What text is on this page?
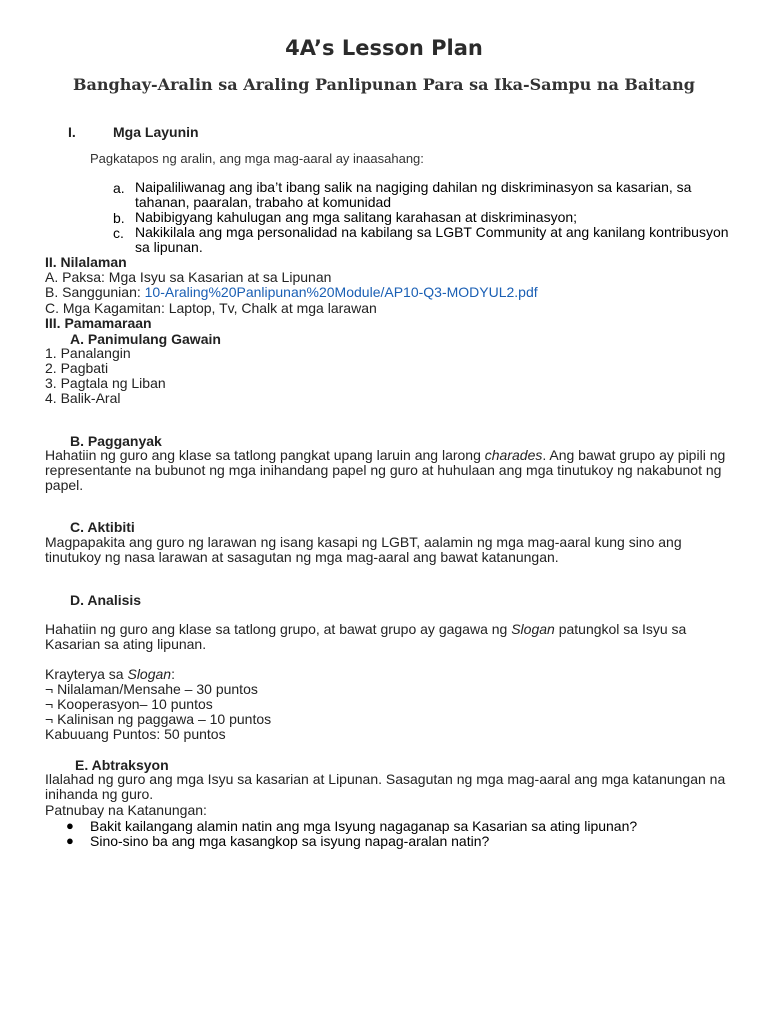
4A’s Lesson Plan
Banghay-Aralin sa Araling Panlipunan Para sa Ika-Sampu na Baitang
I.	Mga Layunin
Pagkatapos ng aralin, ang mga mag-aaral ay inaasahang:
a. Naipaliliwanag ang iba’t ibang salik na nagiging dahilan ng diskriminasyon sa kasarian, sa tahanan, paaralan, trabaho at komunidad
b. Nabibigyang kahulugan ang mga salitang karahasan at diskriminasyon;
c. Nakikilala ang mga personalidad na kabilang sa LGBT Community at ang kanilang kontribusyon sa lipunan.
II. Nilalaman
A. Paksa: Mga Isyu sa Kasarian at sa Lipunan
B. Sanggunian: 10-Araling%20Panlipunan%20Module/AP10-Q3-MODYUL2.pdf
C. Mga Kagamitan: Laptop, Tv, Chalk at mga larawan
III. Pamamaraan
A. Panimulang Gawain
1. Panalangin
2. Pagbati
3. Pagtala ng Liban
4. Balik-Aral
B. Pagganyak
Hahatiin ng guro ang klase sa tatlong pangkat upang laruin ang larong charades. Ang bawat grupo ay pipili ng representante na bubunot ng mga inihandang papel ng guro at huhulaan ang mga tinutukoy ng nakabunot ng papel.
C. Aktibiti
Magpapakita ang guro ng larawan ng isang kasapi ng LGBT, aalamin ng mga mag-aaral kung sino ang tinutukoy ng nasa larawan at sasagutan ng mga mag-aaral ang bawat katanungan.
D. Analisis
Hahatiin ng guro ang klase sa tatlong grupo, at bawat grupo ay gagawa ng Slogan patungkol sa Isyu sa Kasarian sa ating lipunan.
Krayterya sa Slogan:
¬ Nilalaman/Mensahe – 30 puntos
¬ Kooperasyon– 10 puntos
¬ Kalinisan ng paggawa – 10 puntos
Kabuuang Puntos: 50 puntos
E. Abtraksyon
Ilalahad ng guro ang mga Isyu sa kasarian at Lipunan. Sasagutan ng mga mag-aaral ang mga katanungan na inihanda ng guro.
Patnubay na Katanungan:
● Bakit kailangang alamin natin ang mga Isyung nagaganap sa Kasarian sa ating lipunan?
● Sino-sino ba ang mga kasangkop sa isyung napag-aralan natin?
